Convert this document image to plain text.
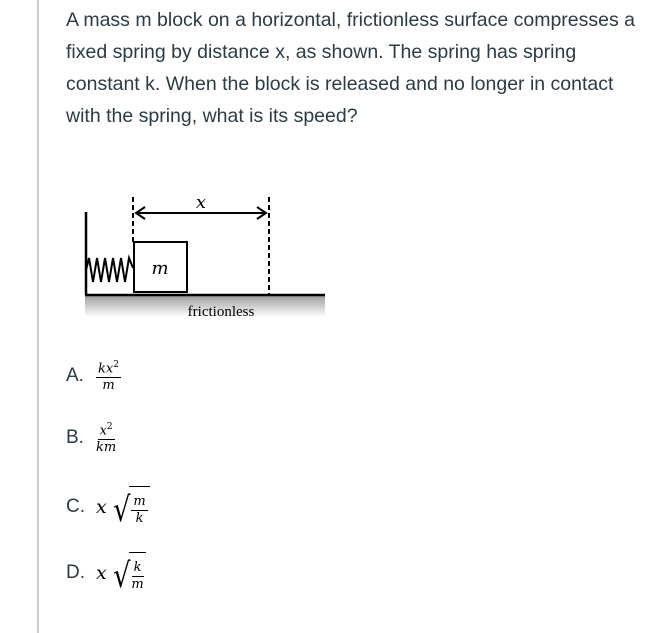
A mass m block on a horizontal, frictionless surface compresses a fixed spring by distance x, as shown. The spring has spring constant k. When the block is released and no longer in contact with the spring, what is its speed?
m
x
frictionless
A. $\frac{kx^2}{m}$
B. $\frac{x^2}{km}$
C. x √ $\frac{m}{k}$
D. x √ $\frac{k}{m}$
